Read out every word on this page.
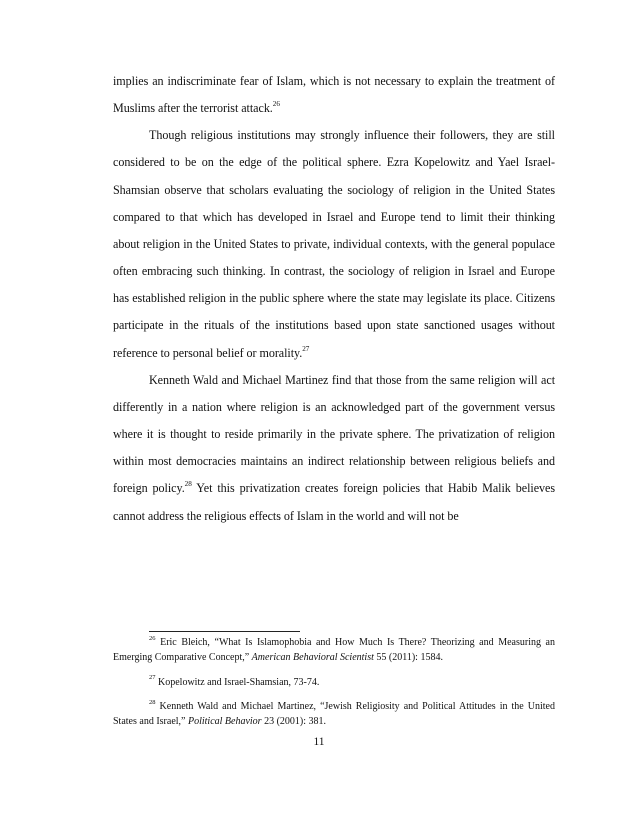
implies an indiscriminate fear of Islam, which is not necessary to explain the treatment of Muslims after the terrorist attack.$^{26}$

Though religious institutions may strongly influence their followers, they are still considered to be on the edge of the political sphere. Ezra Kopelowitz and Yael Israel-Shamsian observe that scholars evaluating the sociology of religion in the United States compared to that which has developed in Israel and Europe tend to limit their thinking about religion in the United States to private, individual contexts, with the general populace often embracing such thinking. In contrast, the sociology of religion in Israel and Europe has established religion in the public sphere where the state may legislate its place. Citizens participate in the rituals of the institutions based upon state sanctioned usages without reference to personal belief or morality.$^{27}$

Kenneth Wald and Michael Martinez find that those from the same religion will act differently in a nation where religion is an acknowledged part of the government versus where it is thought to reside primarily in the private sphere. The privatization of religion within most democracies maintains an indirect relationship between religious beliefs and foreign policy.$^{28}$ Yet this privatization creates foreign policies that Habib Malik believes cannot address the religious effects of Islam in the world and will not be

$^{26}$ Eric Bleich, “What Is Islamophobia and How Much Is There? Theorizing and Measuring an Emerging Comparative Concept,” American Behavioral Scientist 55 (2011): 1584.

$^{27}$ Kopelowitz and Israel-Shamsian, 73-74.

$^{28}$ Kenneth Wald and Michael Martinez, “Jewish Religiosity and Political Attitudes in the United States and Israel,” Political Behavior 23 (2001): 381.

11
